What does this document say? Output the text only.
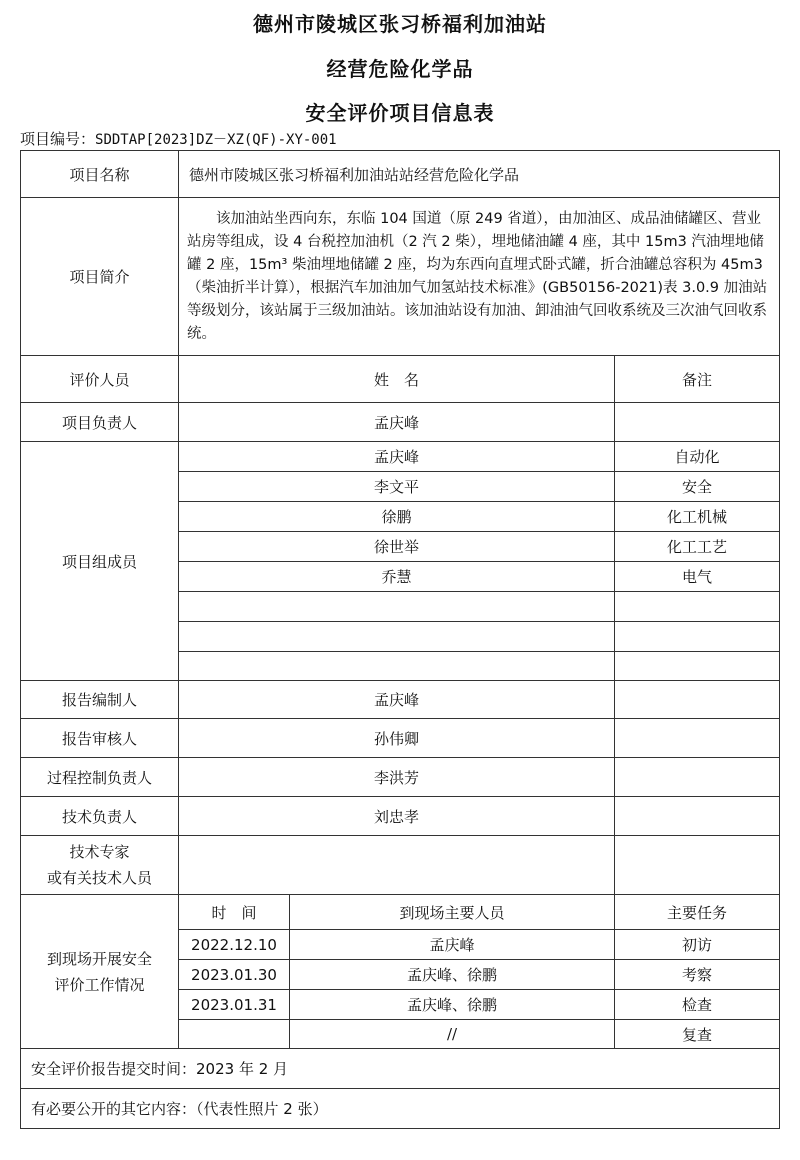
德州市陵城区张习桥福利加油站
经营危险化学品
安全评价项目信息表
项目编号：SDDTAP[2023]DZ－XZ(QF)-XY-001
项目名称	德州市陵城区张习桥福利加油站站经营危险化学品		
项目简介	该加油站坐西向东，东临 104 国道（原 249 省道），由加油区、成品油储罐区、营业站房等组成，设 4 台税控加油机（2 汽 2 柴），埋地储油罐 4 座，其中 15m3 汽油埋地储罐 2 座，15m³ 柴油埋地储罐 2 座，均为东西向直埋式卧式罐，折合油罐总容积为 45m3（柴油折半计算），根据汽车加油加气加氢站技术标准》(GB50156-2021)表 3.0.9 加油站等级划分，该站属于三级加油站。该加油站设有加油、卸油油气回收系统及三次油气回收系统。		

评价人员	姓　名		备注
项目负责人	孟庆峰		
项目组成员	孟庆峰		自动化
	李文平		安全
	徐鹏		化工机械
	徐世举		化工工艺
	乔慧		电气

报告编制人	孟庆峰		
报告审核人	孙伟卿		
过程控制负责人	李洪芳		
技术负责人	刘忠孝		

技术专家
或有关技术人员			

到现场开展安全
评价工作情况	时　间	到现场主要人员	主要任务
	2022.12.10	孟庆峰	初访
	2023.01.30	孟庆峰、徐鹏	考察
	2023.01.31	孟庆峰、徐鹏	检查
		//	复查
安全评价报告提交时间：2023 年 2 月			
有必要公开的其它内容：（代表性照片 2 张）			
